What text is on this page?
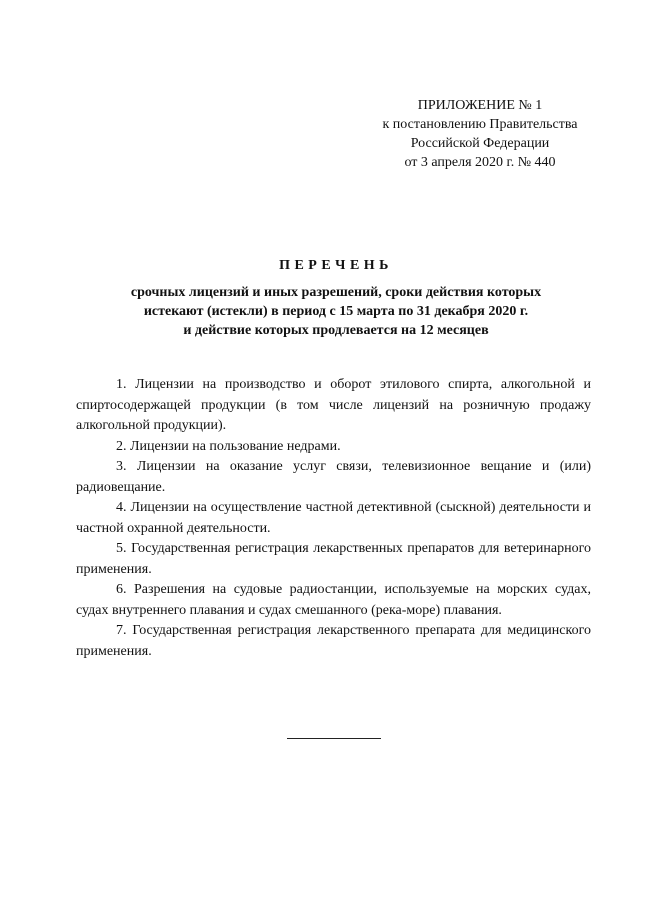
ПРИЛОЖЕНИЕ № 1
к постановлению Правительства
Российской Федерации
от 3 апреля 2020 г. № 440
ПЕРЕЧЕНЬ
срочных лицензий и иных разрешений, сроки действия которых
истекают (истекли) в период с 15 марта по 31 декабря 2020 г.
и действие которых продлевается на 12 месяцев

1. Лицензии на производство и оборот этилового спирта, алкогольной и спиртосодержащей продукции (в том числе лицензий на розничную продажу алкогольной продукции).

2. Лицензии на пользование недрами.

3. Лицензии на оказание услуг связи, телевизионное вещание и (или) радиовещание.

4. Лицензии на осуществление частной детективной (сыскной) деятельности и частной охранной деятельности.

5. Государственная регистрация лекарственных препаратов для ветеринарного применения.

6. Разрешения на судовые радиостанции, используемые на морских судах, судах внутреннего плавания и судах смешанного (река-море) плавания.

7. Государственная регистрация лекарственного препарата для медицинского применения.
